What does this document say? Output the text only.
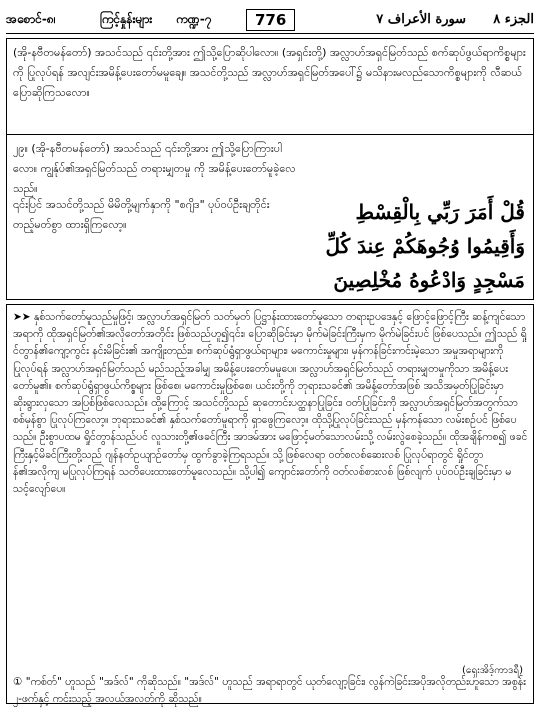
အစောင်-၈၊	ကြင့်နှုန်းများ	ကဏ္ဍ-၇	776	الجزء ٨      سورة الأعراف ٧
(အို-နဗီတမန်တော်) အသင်သည် ၎င်းတို့အား ဤသို့ပြောဆိုပါလော။ (အရှင်းတို့) အလ္လာဟ်အရှင်မြတ်သည် စက်ဆုပ်ဖွယ်ရာကိစ္စများကို ပြုလုပ်ရန် အလျင်းအမိန့်ပေးတော်မမူချေ။ အသင်တို့သည် အလ္လာဟ်အရှင်မြတ်အပေါ်၌ မသိနားမလည်သောကိစ္စများကို လီဆယ်ပြောဆိုကြသလော။
၂၉။ (အို-နဗီတမန်တော်) အသင်သည် ၎င်းတို့အား ဤသို့ပြောကြားပါလော။ ကျွန်ုပ်၏အရှင်မြတ်သည် တရားမျှတမှု ကို အမိန့်ပေးတော်မူခဲ့လေသည်။
၎င်းပြင် အသင်တို့သည် မိမိတို့မျက်နှာကို "စဂျိဒ" ပုပ်ဝပ်ဦးချတိုင်း တည့်မတ်စွာ ထားရှိကြလော့။
قُلْ أَمَرَ رَبِّي بِالْقِسْطِ وَأَقِيمُوا وُجُوهَكُمْ عِندَ كُلِّ مَسْجِدٍ وَادْعُوهُ مُخْلِصِينَ
➤➤ နှစ်သက်တော်မူသည်မှုဖြင့်၊ အလ္လာဟ်အရှင်မြတ် သတ်မှတ် ပြဋ္ဌာန်းထားတော်မူသော တရားဥပဒေနှင့် ဖြောင့်ဖြောင့်ကြီး ဆန့်ကျင်သောအရာကို ထိုအရှင်မြတ်၏အလိုတော်အတိုင်း ဖြစ်သည်ဟူ၍၎င်း၊ ပြောဆိုခြင်းမှာ မိုက်မဲခြင်းကြီးမှက မိုက်မဲခြင်းပင် ဖြစ်ပေသည်။ ဤသည် ရှိုင်တွာန်၏ကျော့ကွင်း နင်းမိခြင်း၏ အကျိုးတည်း။ စက်ဆုပ်ရွံရှာဖွယ်ရာများ၊ မကောင်းမှုများ၊ မှန်ကန်ခြင်းကင်းမဲ့သော အမှုအရာများကို ပြုလုပ်ရန် အလ္လာဟ်အရှင်မြတ်သည် မည်သည့်အခါမျှ အမိန့်ပေးတော်မမူပေ။ အလ္လာဟ်အရှင်မြတ်သည် တရားမျှတမှုကိုသာ အမိန့်ပေးတော်မူ၏။ စက်ဆုပ်ရွံရှာဖွယ်ကိစ္စများ ဖြစ်စေ၊ မကောင်းမှုဖြစ်စေ၊ ယင်းတို့ကို ဘုရားသခင်၏ အမိန့်တော်အဖြစ် အသိအမှတ်ပြုခြင်းမှာ ဆိုးရွားလှသော အပြစ်ဖြစ်လေသည်။ ထို့ကြောင့် အသင်တို့သည် ဆုတောင်းပတ္ထနာပြုခြင်း၊ ဝတ်ပြုခြင်းကို အလ္လာဟ်အရှင်မြတ်အတွက်သာ စစ်မှန်စွာ ပြုလုပ်ကြလော့။ ဘုရားသခင်၏ နှစ်သက်တော်မူရာကို ရှာဖွေကြလော့။ ထိုသို့ပြုလုပ်ခြင်းသည် မှန်ကန်သော လမ်းစဉ်ပင် ဖြစ်ပေသည်။ ဦးစွာပထမ ရှိုင်တွာန်သည်ပင် လူသားတို့၏ဖခင်ကြီး အာဒမ်အား မဖြောင့်မတ်သောလမ်းသို့ လမ်းလွဲစေခဲ့သည်။ ထိုအချိန်ကစ၍ ဖခင်ကြီးနှင့်မိခင်ကြီးတို့သည် ဂျန်နတ်ဥယျာဉ်တော်မှ ထွက်ခွာခဲ့ကြရသည်။ သို့ဖြစ်လေရာ ဝတ်စလစ်ဆေးလစ် ပြုလုပ်ရာတွင် ရှိုင်တွာန်၏အလိုကျ မပြုလုပ်ကြရန် သတိပေးထားတော်မူလေသည်။ သို့ပါ၍ ကျောင်းတော်ကို ဝတ်လစ်စားလစ် ဖြစ်လျက် ပုပ်ဝပ်ဦးချခြင်းမှာ မသင့်လျော်ပေ။
(ရှေးအိဒ့်ကာဒရီ)
① "ကစ်တ်" ဟူသည် "အဒ်လ်" ကိုဆိုသည်။ "အဒ်လ်" ဟူသည် အရာရာတွင် ယုတ်လျော့ခြင်း၊ လွန်ကဲခြင်းအပိုအလိုတည်းဟူသော အစွန်း ၂-ဖက်နှင့် ကင်းသည့် အလယ်အလတ်ကို ဆိုသည်။
